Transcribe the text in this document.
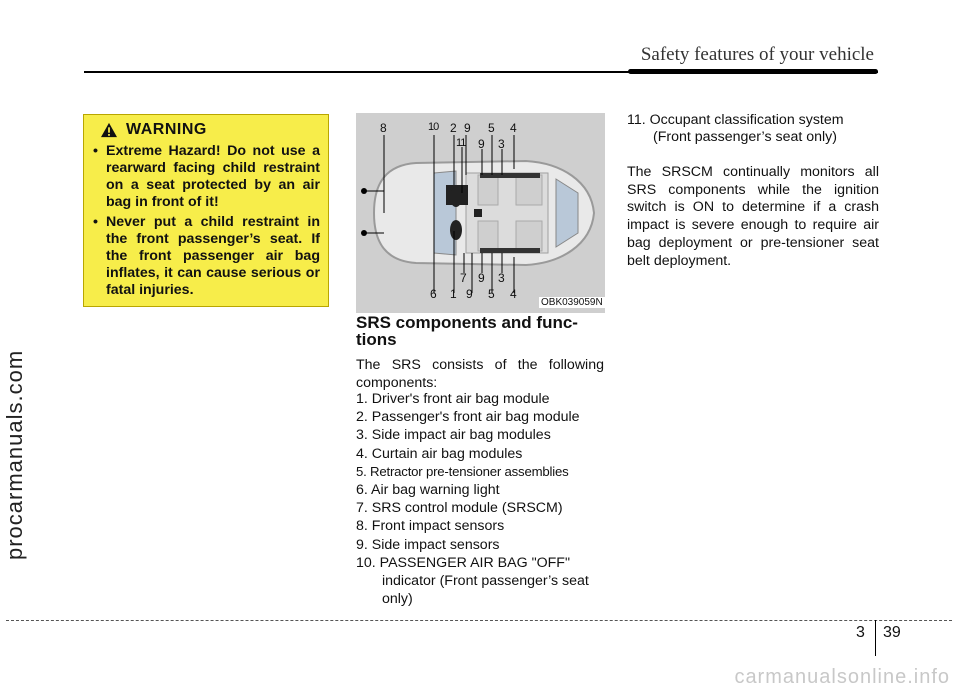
Safety features of your vehicle
procarmanuals.com
carmanualsonline.info
WARNING
• Extreme Hazard! Do not use a rearward facing child restraint on a seat protected by an air bag in front of it!
• Never put a child restraint in the front passenger’s seat. If the front passenger air bag inflates, it can cause serious or fatal injuries.
8	10 2 9 5 4
11 9 3
7 9 3
6 1 9 5 4
OBK039059N
SRS components and func- tions
The SRS consists of the following components:
1. Driver's front air bag module
2. Passenger's front air bag module
3. Side impact air bag modules
4. Curtain air bag modules
5. Retractor pre-tensioner assemblies
6. Air bag warning light
7. SRS control module (SRSCM)
8. Front impact sensors
9. Side impact sensors
10. PASSENGER AIR BAG "OFF" indicator (Front passenger’s seat only)
11. Occupant classification system (Front passenger’s seat only)
The SRSCM continually monitors all SRS components while the ignition switch is ON to determine if a crash impact is severe enough to require air bag deployment or pre-tensioner seat belt deployment.
3 39
